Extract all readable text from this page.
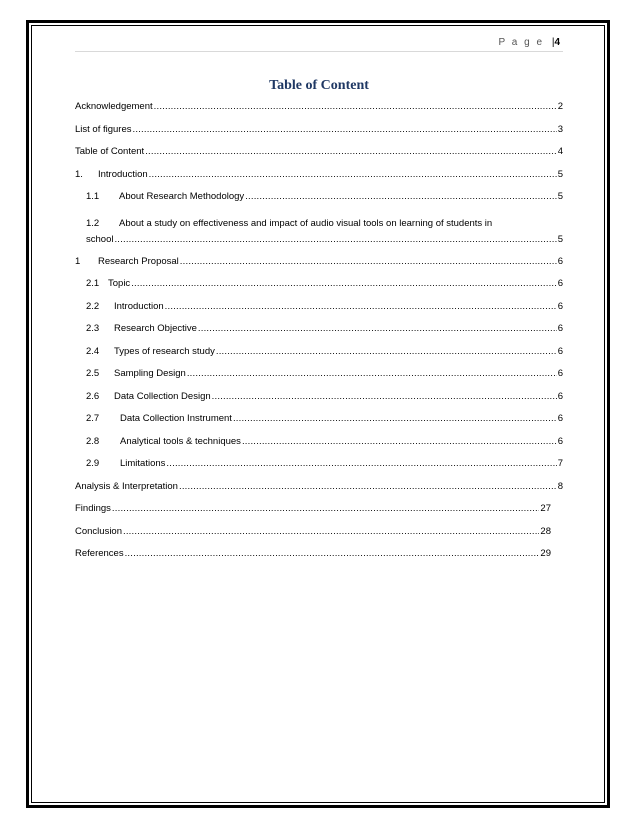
P a g e |4
Table of Content
Acknowledgement .....	2
List of figures .....	3
Table of Content .....	4
1. Introduction .....	5
1.1 About Research Methodology .....	5
1.2 About a study on effectiveness and impact of audio visual tools on learning of students in
school .....	5
1 Research Proposal .....	6
2.1 Topic .....	6
2.2 Introduction .....	6
2.3 Research Objective .....	6
2.4 Types of research study .....	6
2.5 Sampling Design .....	6
2.6 Data Collection Design .....	6
2.7 Data Collection Instrument .....	6
2.8 Analytical tools & techniques .....	6
2.9 Limitations .....	7
Analysis & Interpretation .....	8
Findings .....	27
Conclusion .....	28
References .....	29
